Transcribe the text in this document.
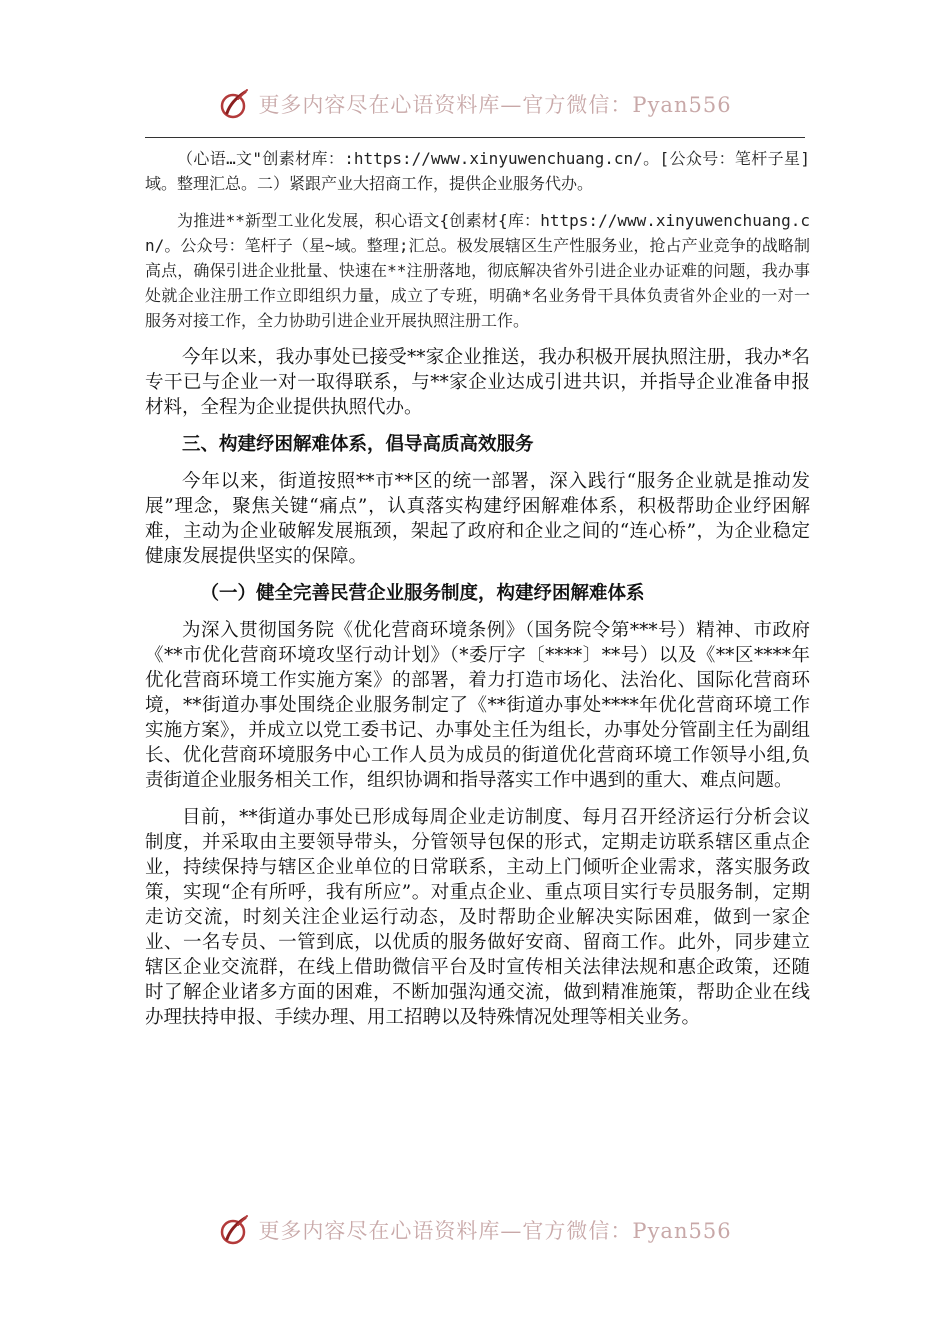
更多内容尽在心语资料库—官方微信：Pyan556

（心语…文"创素材库：:https://www.xinyuwenchuang.cn/。[公众号：笔杆子星]域。整理汇总。二）紧跟产业大招商工作，提供企业服务代办。

为推进**新型工业化发展，积心语文{创素材{库：https://www.xinyuwenchuang.cn/。公众号：笔杆子（星~域。整理;汇总。极发展辖区生产性服务业，抢占产业竞争的战略制高点，确保引进企业批量、快速在**注册落地，彻底解决省外引进企业办证难的问题，我办事处就企业注册工作立即组织力量，成立了专班，明确*名业务骨干具体负责省外企业的一对一服务对接工作，全力协助引进企业开展执照注册工作。

今年以来，我办事处已接受**家企业推送，我办积极开展执照注册，我办*名专干已与企业一对一取得联系，与**家企业达成引进共识，并指导企业准备申报材料，全程为企业提供执照代办。

三、构建纾困解难体系，倡导高质高效服务

今年以来，街道按照**市**区的统一部署，深入践行“服务企业就是推动发展”理念，聚焦关键“痛点”，认真落实构建纾困解难体系，积极帮助企业纾困解难，主动为企业破解发展瓶颈，架起了政府和企业之间的“连心桥”，为企业稳定健康发展提供坚实的保障。

（一）健全完善民营企业服务制度，构建纾困解难体系

为深入贯彻国务院《优化营商环境条例》（国务院令第***号）精神、市政府《**市优化营商环境攻坚行动计划》（*委厅字〔****〕**号）以及《**区****年优化营商环境工作实施方案》的部署，着力打造市场化、法治化、国际化营商环境，**街道办事处围绕企业服务制定了《**街道办事处****年优化营商环境工作实施方案》，并成立以党工委书记、办事处主任为组长，办事处分管副主任为副组长、优化营商环境服务中心工作人员为成员的街道优化营商环境工作领导小组,负责街道企业服务相关工作，组织协调和指导落实工作中遇到的重大、难点问题。

目前，**街道办事处已形成每周企业走访制度、每月召开经济运行分析会议制度，并采取由主要领导带头，分管领导包保的形式，定期走访联系辖区重点企业，持续保持与辖区企业单位的日常联系，主动上门倾听企业需求，落实服务政策，实现“企有所呼，我有所应”。对重点企业、重点项目实行专员服务制，定期走访交流，时刻关注企业运行动态，及时帮助企业解决实际困难，做到一家企业、一名专员、一管到底，以优质的服务做好安商、留商工作。此外，同步建立辖区企业交流群，在线上借助微信平台及时宣传相关法律法规和惠企政策，还随时了解企业诸多方面的困难，不断加强沟通交流，做到精准施策，帮助企业在线办理扶持申报、手续办理、用工招聘以及特殊情况处理等相关业务。

更多内容尽在心语资料库—官方微信：Pyan556
